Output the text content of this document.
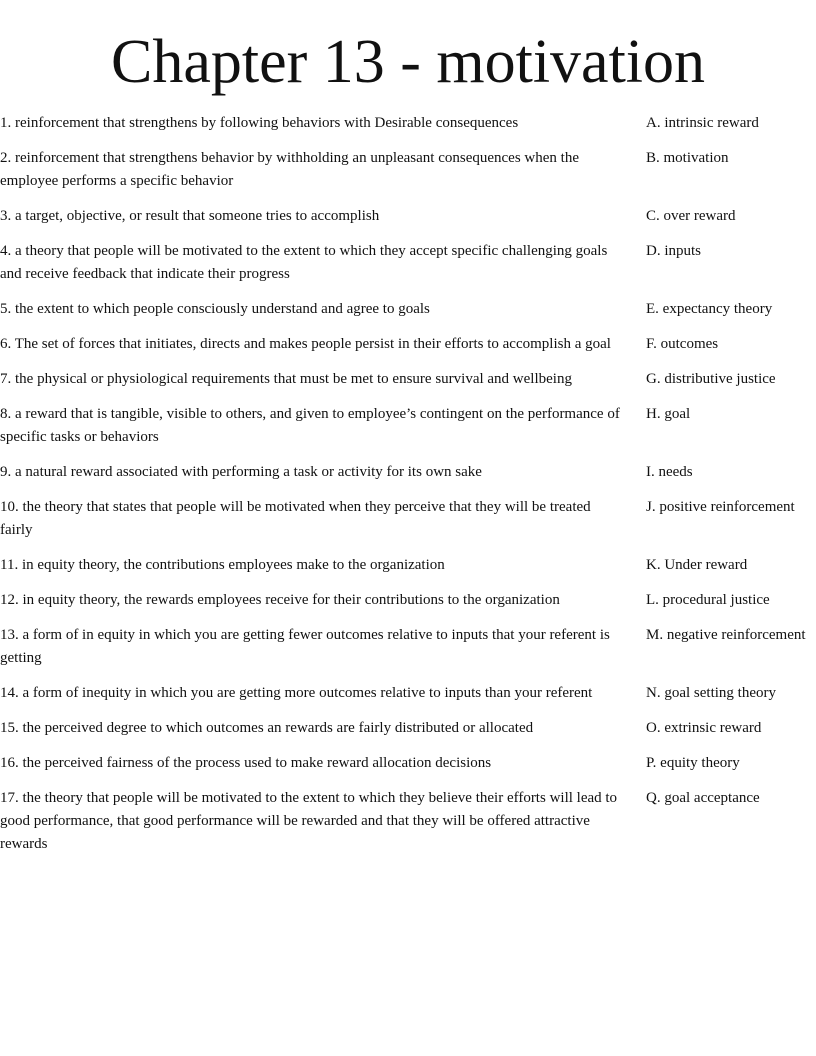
Chapter 13 - motivation
1. reinforcement that strengthens by following behaviors with Desirable consequences	A. intrinsic reward
2. reinforcement that strengthens behavior by withholding an unpleasant consequences when the employee performs a specific behavior
B. motivation
3. a target, objective, or result that someone tries to accomplish	C. over reward
4. a theory that people will be motivated to the extent to which they accept specific challenging goals and receive feedback that indicate their progress
D. inputs
5. the extent to which people consciously understand and agree to goals	E. expectancy theory
6. The set of forces that initiates, directs and makes people persist in their efforts to accomplish a goal	F. outcomes
7. the physical or physiological requirements that must be met to ensure survival and wellbeing	G. distributive justice
8. a reward that is tangible, visible to others, and given to employee’s contingent on the performance of specific tasks or behaviors
H. goal
9. a natural reward associated with performing a task or activity for its own sake	I. needs
10. the theory that states that people will be motivated when they perceive that they will be treated fairly
J. positive reinforcement
11. in equity theory, the contributions employees make to the organization	K. Under reward
12. in equity theory, the rewards employees receive for their contributions to the organization	L. procedural justice
13. a form of in equity in which you are getting fewer outcomes relative to inputs that your referent is getting
M. negative reinforcement
14. a form of inequity in which you are getting more outcomes relative to inputs than your referent	N. goal setting theory
15. the perceived degree to which outcomes an rewards are fairly distributed or allocated	O. extrinsic reward
16. the perceived fairness of the process used to make reward allocation decisions	P. equity theory
17. the theory that people will be motivated to the extent to which they believe their efforts will lead to good performance, that good performance will be rewarded and that they will be offered attractive rewards
Q. goal acceptance
